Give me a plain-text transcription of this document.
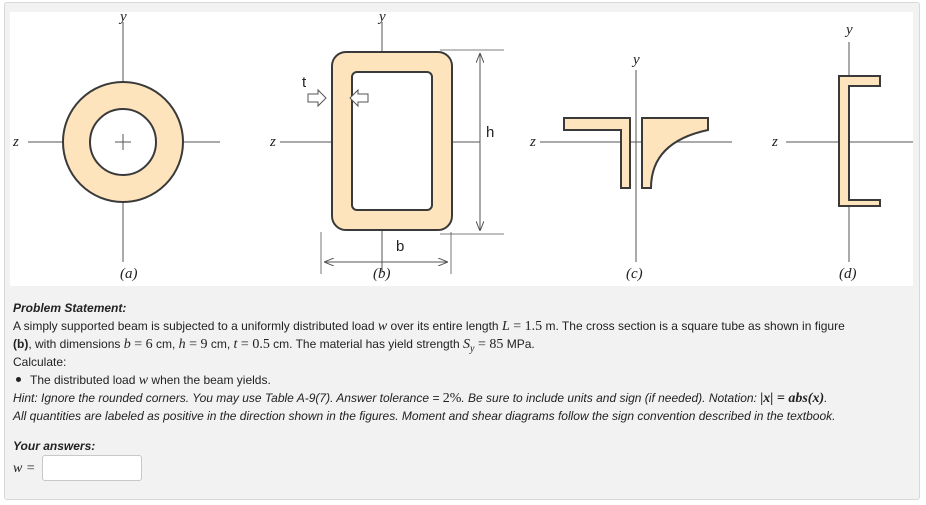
y
z
(a)
y
z
t
h
b
(b)
y
z
(c)
y
z
(d)
Problem Statement:
A simply supported beam is subjected to a uniformly distributed load w over its entire length L = 1.5 m. The cross section is a square tube as shown in figure
(b), with dimensions b = 6 cm, h = 9 cm, t = 0.5 cm. The material has yield strength $S_y = 85$ MPa.
Calculate:
The distributed load w when the beam yields.
Hint: Ignore the rounded corners. You may use Table A-9(7). Answer tolerance = 2%. Be sure to include units and sign (if needed). Notation: |x| = abs(x).
All quantities are labeled as positive in the direction shown in the figures. Moment and shear diagrams follow the sign convention described in the textbook.
Your answers:
w =
